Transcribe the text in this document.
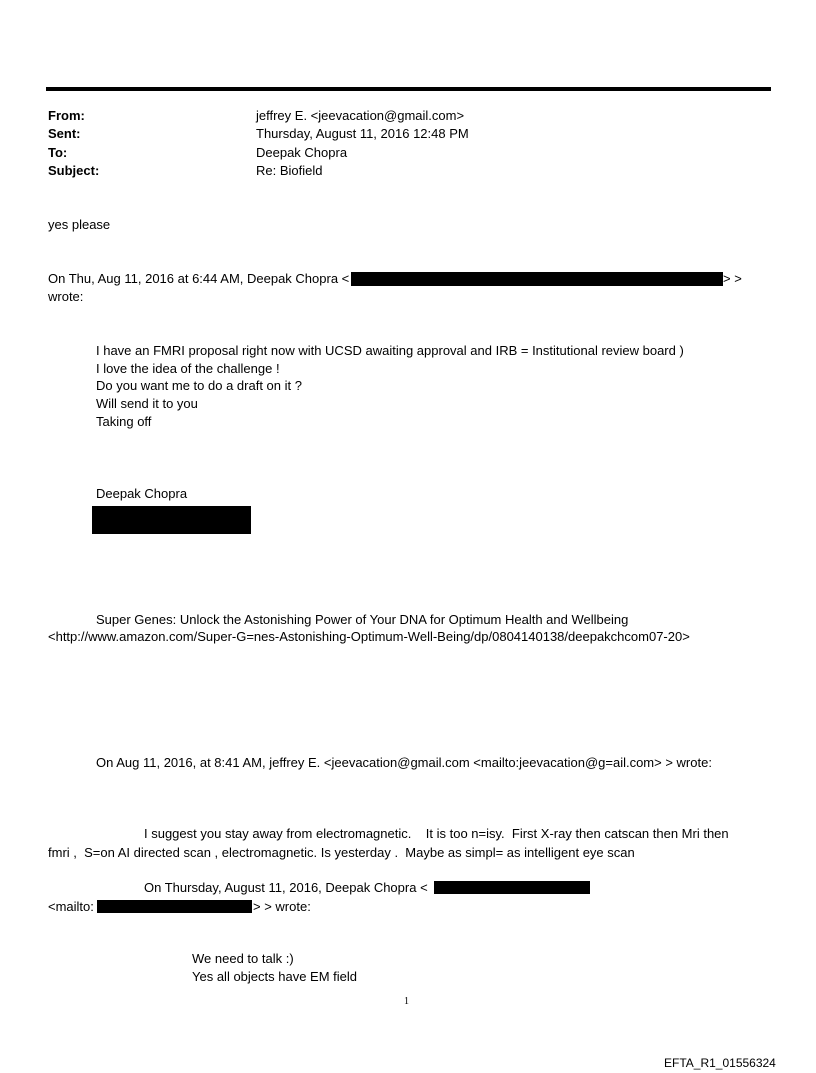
From:	jeffrey E. <jeevacation@gmail.com>
Sent:	Thursday, August 11, 2016 12:48 PM
To:	Deepak Chopra
Subject:	Re: Biofield
yes please
On Thu, Aug 11, 2016 at 6:44 AM, Deepak Chopra <	> >
wrote:
I have an FMRI proposal right now with UCSD awaiting approval and IRB = Institutional review board )
I love the idea of the challenge !
Do you want me to do a draft on it ?
Will send it to you
Taking off
Deepak Chopra
Super Genes: Unlock the Astonishing Power of Your DNA for Optimum Health and Wellbeing
<http://www.amazon.com/Super-G=nes-Astonishing-Optimum-Well-Being/dp/0804140138/deepakchcom07-20>
On Aug 11, 2016, at 8:41 AM, jeffrey E. <jeevacation@gmail.com <mailto:jeevacation@g=ail.com> > wrote:
I suggest you stay away from electromagnetic.    It is too n=isy.  First X-ray then catscan then Mri then
fmri ,  S=on AI directed scan , electromagnetic. Is yesterday .  Maybe as simpl= as intelligent eye scan
On Thursday, August 11, 2016, Deepak Chopra <
<mailto:	> > wrote:
We need to talk :)
Yes all objects have EM field
1
EFTA_R1_01556324
